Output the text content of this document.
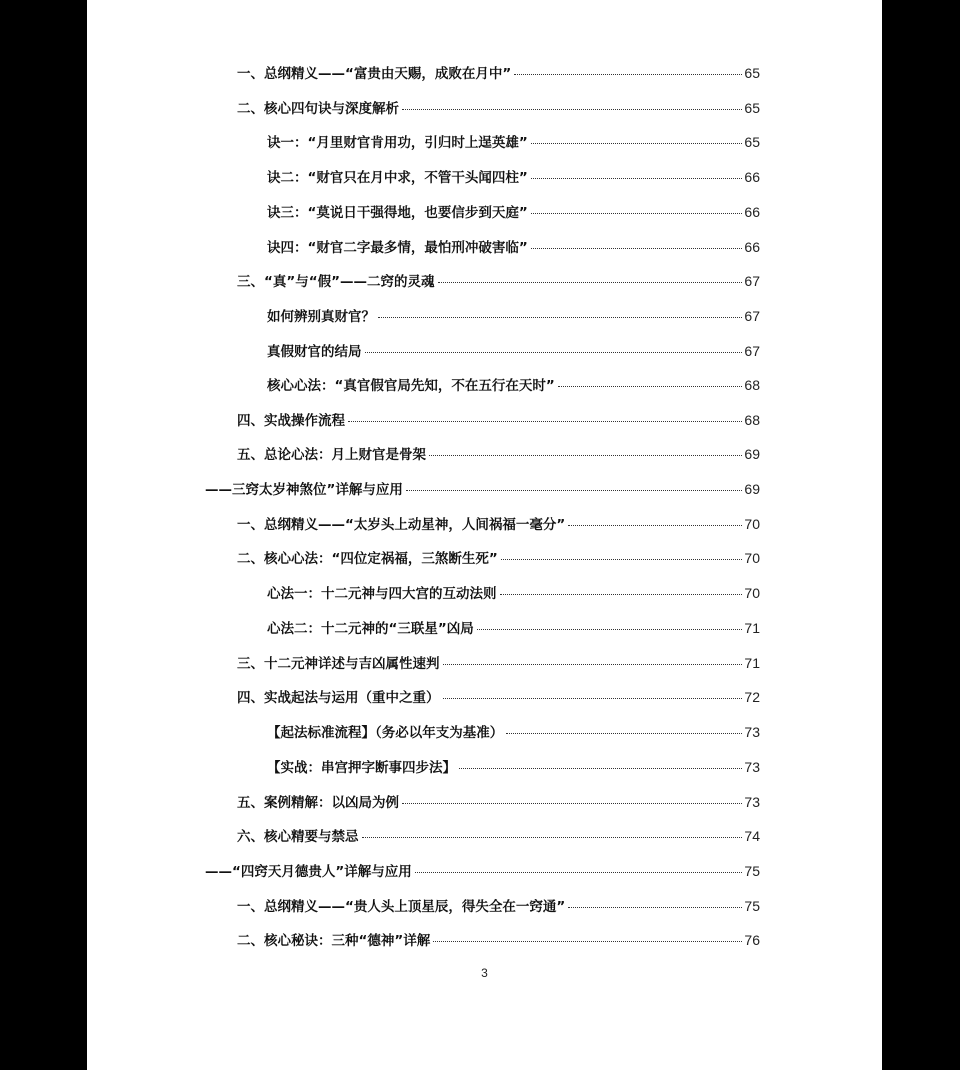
一、总纲精义——“富贵由天赐，成败在月中”	65
二、核心四句诀与深度解析	65
诀一：“月里财官肯用功，引归时上逞英雄”	65
诀二：“财官只在月中求，不管干头闻四柱”	66
诀三：“莫说日干强得地，也要信步到天庭”	66
诀四：“财官二字最多情，最怕刑冲破害临”	66
三、“真”与“假”——二窍的灵魂	67
如何辨别真财官？	67
真假财官的结局	67
核心心法：“真官假官局先知，不在五行在天时”	68
四、实战操作流程	68
五、总论心法：月上财官是骨架	69
——三窍太岁神煞位”详解与应用	69
一、总纲精义——“太岁头上动星神，人间祸福一毫分”	70
二、核心心法：“四位定祸福，三煞断生死”	70
心法一：十二元神与四大宫的互动法则	70
心法二：十二元神的“三联星”凶局	71
三、十二元神详述与吉凶属性速判	71
四、实战起法与运用（重中之重）	72
【起法标准流程】（务必以年支为基准）	73
【实战：串宫押字断事四步法】	73
五、案例精解：以凶局为例	73
六、核心精要与禁忌	74
——“四窍天月德贵人”详解与应用	75
一、总纲精义——“贵人头上顶星辰，得失全在一窍通”	75
二、核心秘诀：三种“德神”详解	76
3
